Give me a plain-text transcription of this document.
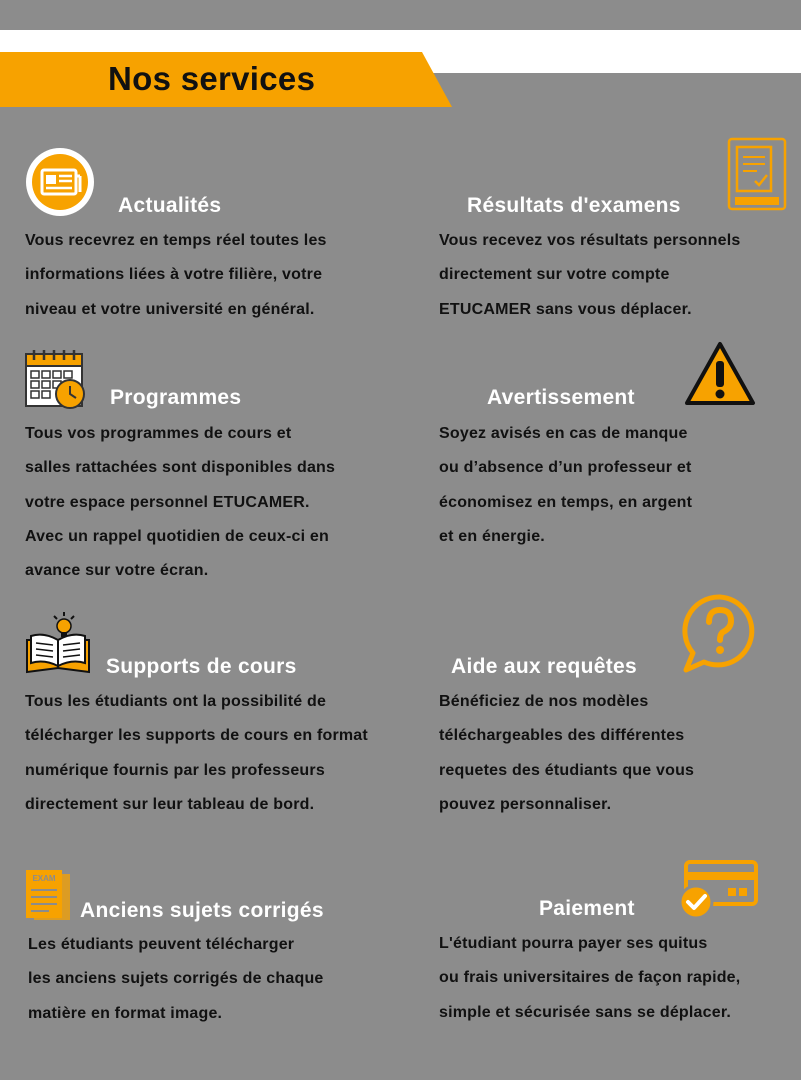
Nos services
Actualités
Vous recevrez en temps réel toutes les
informations liées à votre filière, votre
niveau et votre université en général.
Résultats d'examens
Vous recevez vos résultats personnels
directement sur votre compte
ETUCAMER sans vous déplacer.
Programmes
Tous vos programmes de cours et
salles rattachées sont disponibles dans
votre espace personnel ETUCAMER.
Avec un rappel quotidien de ceux-ci en
avance sur votre écran.
Avertissement
Soyez avisés en cas de manque
ou d’absence d’un professeur et
économisez en temps, en argent
et en énergie.
Supports de cours
Tous les étudiants ont la possibilité de
télécharger les supports de cours en format
numérique fournis par les professeurs
directement sur leur tableau de bord.
Aide aux requêtes
Bénéficiez de nos modèles
téléchargeables des différentes
requetes des étudiants que vous
pouvez personnaliser.
EXAM
Anciens sujets corrigés
Les étudiants peuvent télécharger
les anciens sujets corrigés de chaque
matière en format image.
Paiement
L'étudiant pourra payer ses quitus
ou frais universitaires de façon rapide,
simple et sécurisée sans se déplacer.
